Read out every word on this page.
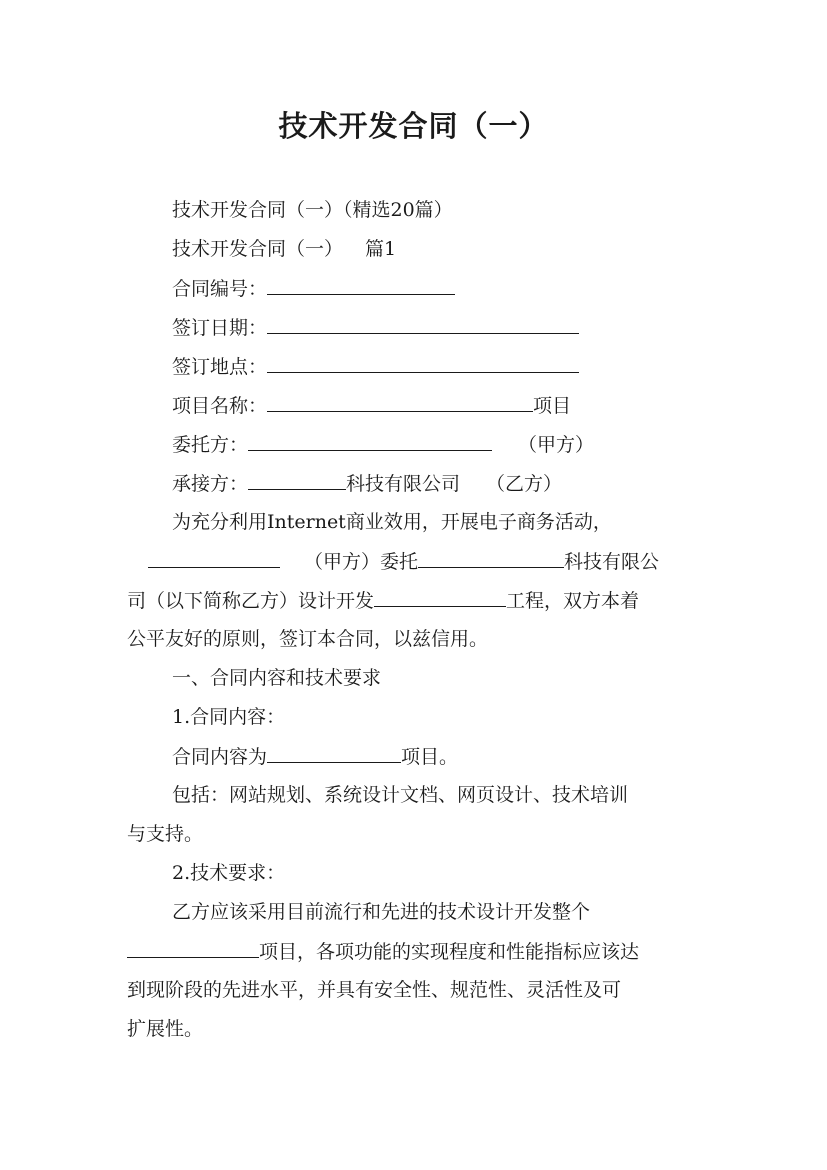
技术开发合同（一）
技术开发合同（一）（精选20篇）
技术开发合同（一） 篇1
合同编号：
签订日期：
签订地点：
项目名称：	项目
委托方：	（甲方）
承接方：	科技有限公司 （乙方）
为充分利用Internet商业效用，开展电子商务活动，
（甲方）委托	科技有限公
司（以下简称乙方）设计开发	工程，双方本着
公平友好的原则，签订本合同，以兹信用。
一、合同内容和技术要求
1.合同内容：
合同内容为	项目。
包括：网站规划、系统设计文档、网页设计、技术培训
与支持。
2.技术要求：
乙方应该采用目前流行和先进的技术设计开发整个
项目，各项功能的实现程度和性能指标应该达
到现阶段的先进水平，并具有安全性、规范性、灵活性及可
扩展性。
